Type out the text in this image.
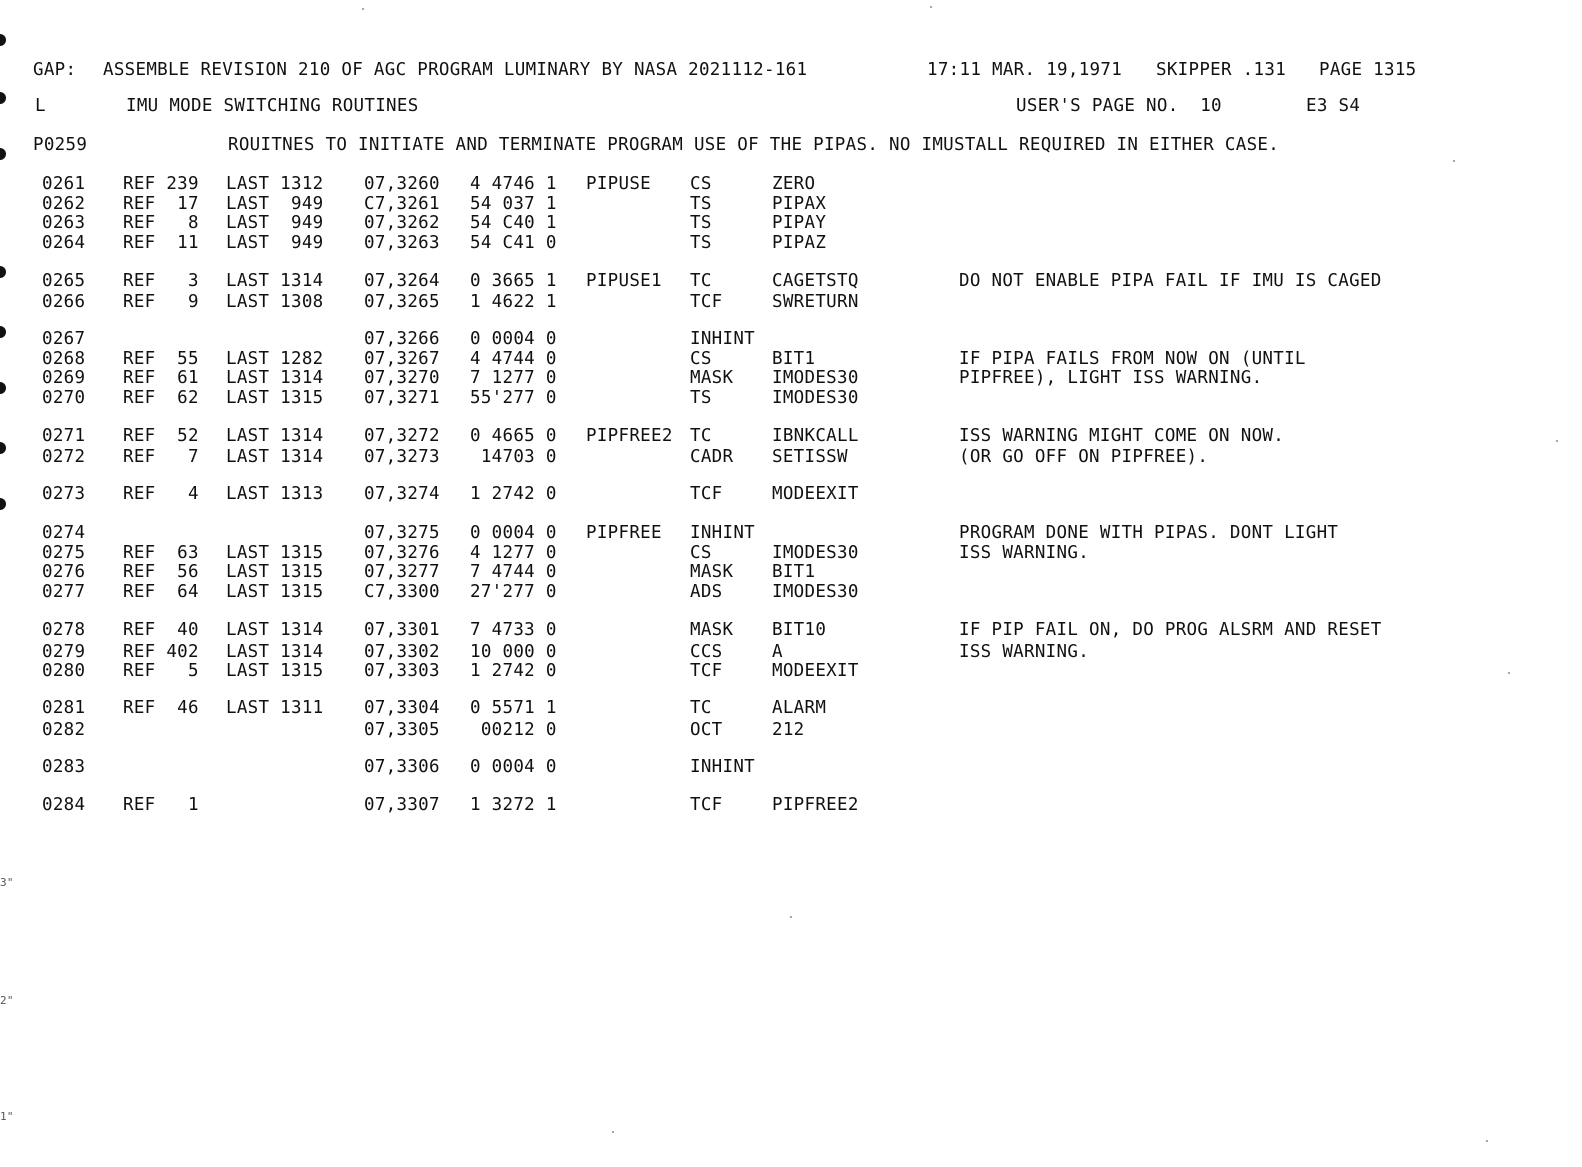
GAP: ASSEMBLE REVISION 210 OF AGC PROGRAM LUMINARY BY NASA 2021112-161	17:11 MAR. 19,1971 SKIPPER .131 PAGE 1315
L	IMU MODE SWITCHING ROUTINES	USER'S PAGE NO.  10	E3 S4
P0259	ROUITNES TO INITIATE AND TERMINATE PROGRAM USE OF THE PIPAS. NO IMUSTALL REQUIRED IN EITHER CASE.
0261 REF 239 LAST 1312 07,3260 4 4746 1 PIPUSE CS	ZERO
0262 REF  17 LAST  949 C7,3261 54 037 1	TS	PIPAX
0263 REF   8 LAST  949 07,3262 54 C40 1	TS	PIPAY
0264 REF  11 LAST  949 07,3263 54 C41 0	TS	PIPAZ
0265 REF   3 LAST 1314 07,3264 0 3665 1 PIPUSE1 TC	CAGETSTQ	DO NOT ENABLE PIPA FAIL IF IMU IS CAGED
0266 REF   9 LAST 1308 07,3265 1 4622 1	TCF	SWRETURN
0267	07,3266 0 0004 0	INHINT
0268 REF  55 LAST 1282 07,3267 4 4744 0	CS	BIT1	IF PIPA FAILS FROM NOW ON (UNTIL
0269 REF  61 LAST 1314 07,3270 7 1277 0	MASK IMODES30	PIPFREE), LIGHT ISS WARNING.
0270 REF  62 LAST 1315 07,3271 55'277 0	TS	IMODES30
0271 REF  52 LAST 1314 07,3272 0 4665 0 PIPFREE2 TC	IBNKCALL	ISS WARNING MIGHT COME ON NOW.
0272 REF   7 LAST 1314 07,3273 14703 0	CADR SETISSW	(OR GO OFF ON PIPFREE).
0273 REF   4 LAST 1313 07,3274 1 2742 0	TCF	MODEEXIT
0274	07,3275 0 0004 0 PIPFREE INHINT	PROGRAM DONE WITH PIPAS. DONT LIGHT
0275 REF  63 LAST 1315 07,3276 4 1277 0	CS	IMODES30	ISS WARNING.
0276 REF  56 LAST 1315 07,3277 7 4744 0	MASK BIT1
0277 REF  64 LAST 1315 C7,3300 27'277 0	ADS	IMODES30
0278 REF  40 LAST 1314 07,3301 7 4733 0	MASK BIT10	IF PIP FAIL ON, DO PROG ALSRM AND RESET
0279 REF 402 LAST 1314 07,3302 10 000 0	CCS	A	ISS WARNING.
0280 REF   5 LAST 1315 07,3303 1 2742 0	TCF	MODEEXIT
0281 REF  46 LAST 1311 07,3304 0 5571 1	TC	ALARM
0282	07,3305 00212 0	OCT	212
0283	07,3306 0 0004 0	INHINT
0284 REF   1	07,3307 1 3272 1	TCF	PIPFREE2
3"
2"
1"
